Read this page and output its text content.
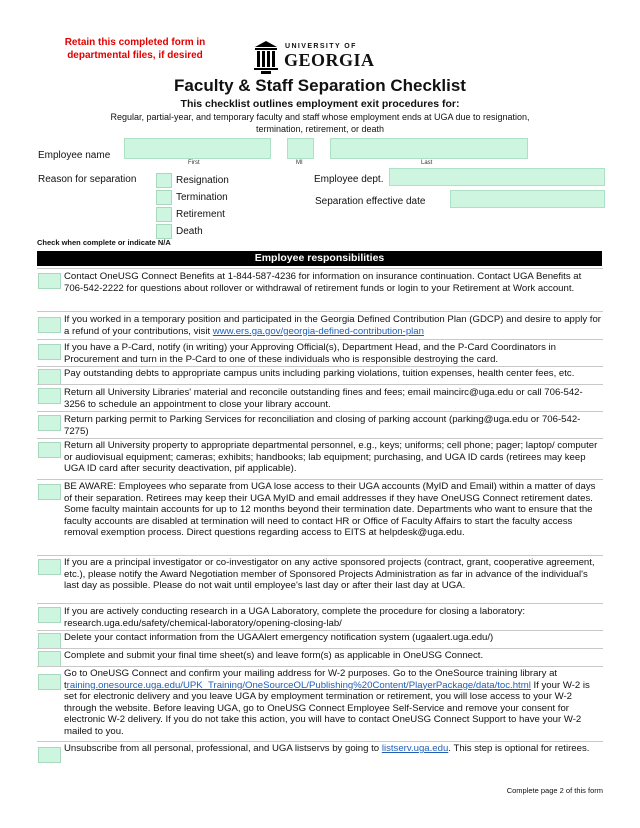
Retain this completed form in departmental files, if desired
UNIVERSITY OF
GEORGIA
Faculty & Staff Separation Checklist
This checklist outlines employment exit procedures for:
Regular, partial-year, and temporary faculty and staff whose employment ends at UGA due to resignation, termination, retirement, or death
Employee name
First	MI	Last
Reason for separation	Resignation
Termination
Retirement
Death
Employee dept.
Separation effective date
Check when complete or indicate N/A
Employee responsibilities
Contact OneUSG Connect Benefits at 1-844-587-4236 for information on insurance continuation. Contact UGA Benefits at 706-542-2222 for questions about rollover or withdrawal of retirement funds or login to your Retirement at Work account.
If you worked in a temporary position and participated in the Georgia Defined Contribution Plan (GDCP) and desire to apply for a refund of your contributions, visit www.ers.ga.gov/georgia-defined-contribution-plan
If you have a P-Card, notify (in writing) your Approving Official(s), Department Head, and the P-Card Coordinators in Procurement and turn in the P-Card to one of these individuals who is responsible destroying the card.
Pay outstanding debts to appropriate campus units including parking violations, tuition expenses, health center fees, etc.
Return all University Libraries' material and reconcile outstanding fines and fees; email maincirc@uga.edu or call 706-542-3256 to schedule an appointment to close your library account.
Return parking permit to Parking Services for reconciliation and closing of parking account (parking@uga.edu or 706-542-7275)
Return all University property to appropriate departmental personnel, e.g., keys; uniforms; cell phone; pager; laptop/ computer or audiovisual equipment; cameras; exhibits; handbooks; lab equipment; purchasing, and UGA ID cards (retirees may keep UGA ID card after security deactivation, pif applicable).
BE AWARE: Employees who separate from UGA lose access to their UGA accounts (MyID and Email) within a matter of days of their separation. Retirees may keep their UGA MyID and email addresses if they have OneUSG Connect retirement dates. Some faculty maintain accounts for up to 12 months beyond their termination date. Departments who want to ensure that the faculty accounts are disabled at termination will need to contact HR or Office of Faculty Affairs to start the faculty access removal exemption process. Direct questions regarding access to EITS at helpdesk@uga.edu.
If you are a principal investigator or co-investigator on any active sponsored projects (contract, grant, cooperative agreement, etc.), please notify the Award Negotiation member of Sponsored Projects Administration as far in advance of the individual's last day as possible. Please do not wait until employee's last day or after their last day at UGA.
If you are actively conducting research in a UGA Laboratory, complete the procedure for closing a laboratory: research.uga.edu/safety/chemical-laboratory/opening-closing-lab/
Delete your contact information from the UGAAlert emergency notification system (ugaalert.uga.edu/)
Complete and submit your final time sheet(s) and leave form(s) as applicable in OneUSG Connect.
Go to OneUSG Connect and confirm your mailing address for W-2 purposes. Go to the OneSource training library at training.onesource.uga.edu/UPK_Training/OneSourceOL/Publishing%20Content/PlayerPackage/data/toc.html If your W-2 is set for electronic delivery and you leave UGA by employment termination or retirement, you will lose access to your W-2 through the website. Before leaving UGA, go to OneUSG Connect Employee Self-Service and remove your consent for electronic W-2 delivery. If you do not take this action, you will have to contact OneUSG Connect Support to have your W-2 mailed to you.
Unsubscribe from all personal, professional, and UGA listservs by going to listserv.uga.edu. This step is optional for retirees.
Complete page 2 of this form
